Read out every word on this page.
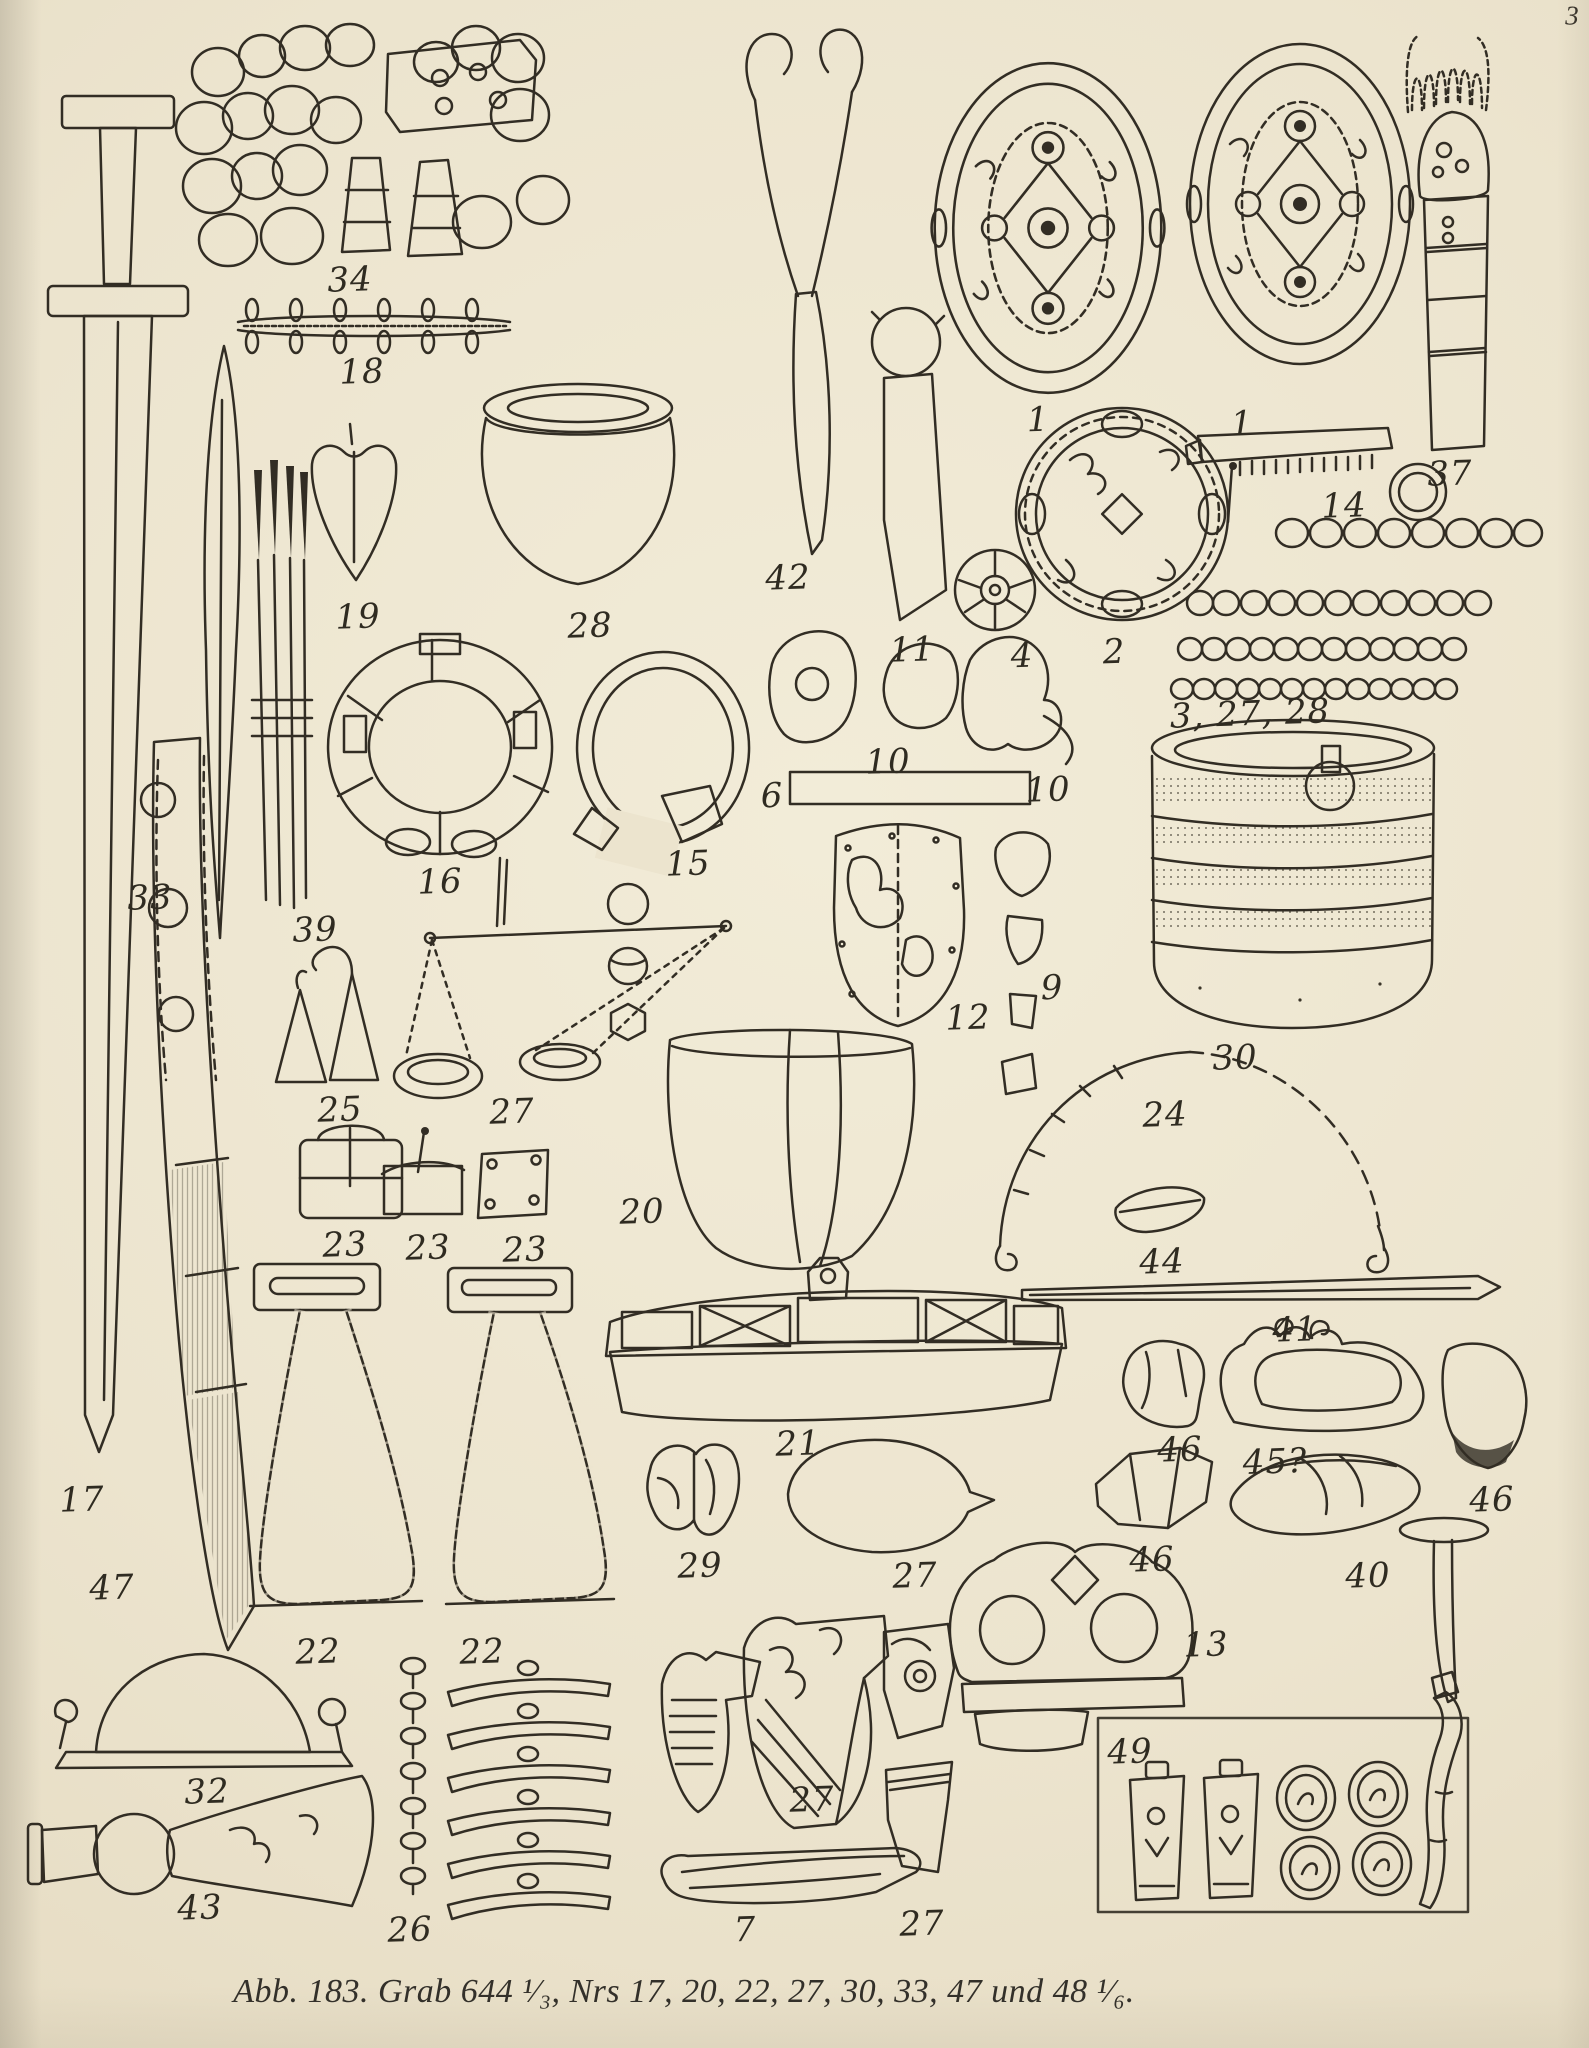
17
33
39
34
18
19	28
42
11 4
1	1
2
14
37
3, 27, 28
16	15
10
10
6
25	27
23 23 23
20
12
9
30
24
44
41
21
29	27
46 45?
46
46	40
13
49
22	22
32
43
26	7
27
27
47
Abb. 183. Grab 644 ¹⁄₃, Nrs 17, 20, 22, 27, 30, 33, 47 und 48 ¹⁄₆.
3
